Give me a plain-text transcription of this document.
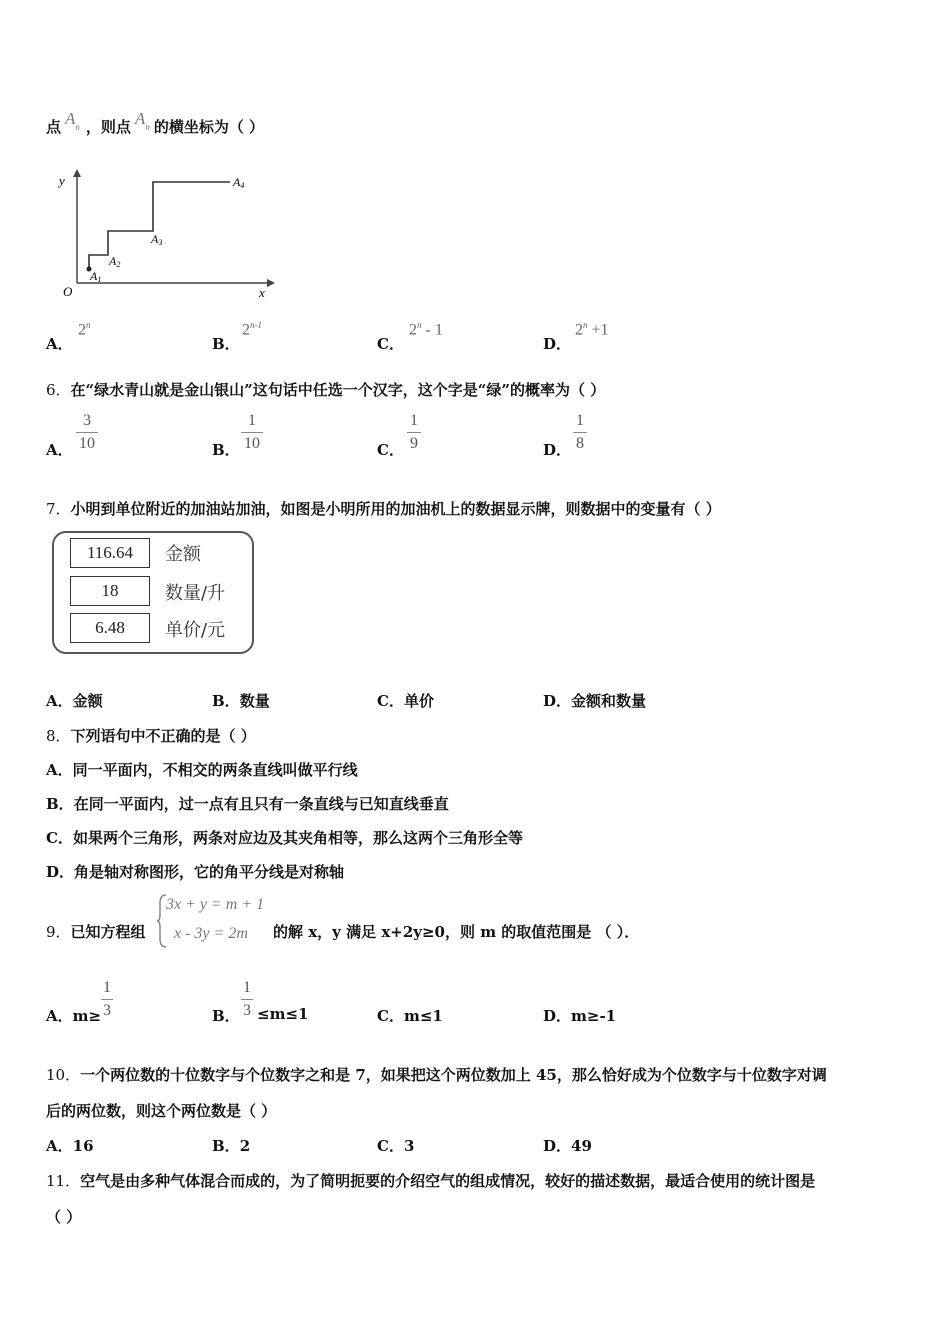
点 $A_n$ ，则点 $A_n$ 的横坐标为（ ）
y
x
O
A1
A2
A3
A4
A．
2$^n$
B．
2$^{n-1}$
C．
2$^n$ - 1
D．
$2^n +1$
6．在“绿水青山就是金山银山”这句话中任选一个汉字，这个字是“绿”的概率为（ ）
A．
3
10	B．
1
10	C．
1
9	D．
1
8
7．小明到单位附近的加油站加油，如图是小明所用的加油机上的数据显示牌，则数据中的变量有（ ）
116.64	金额
18	数量/升
6.48	单价/元
A．金额	B．数量	C．单价	D．金额和数量
8．下列语句中不正确的是（ ）
A．同一平面内，不相交的两条直线叫做平行线
B．在同一平面内，过一点有且只有一条直线与已知直线垂直
C．如果两个三角形，两条对应边及其夹角相等，那么这两个三角形全等
D．角是轴对称图形，它的角平分线是对称轴
9．已知方程组
3x + y = m + 1
x - 3y = 2m 的解 x，y 满足 x+2y≥0，则 m 的取值范围是 （ ）．
A．m≥
1
3	B．
1
3 ≤m≤1	C．m≤1	D．m≥-1
10．一个两位数的十位数字与个位数字之和是 7，如果把这个两位数加上 45，那么恰好成为个位数字与十位数字对调
后的两位数，则这个两位数是（ ）
A．16	B．2	C．3	D．49
11．空气是由多种气体混合而成的，为了简明扼要的介绍空气的组成情况，较好的描述数据，最适合使用的统计图是
（ ）
